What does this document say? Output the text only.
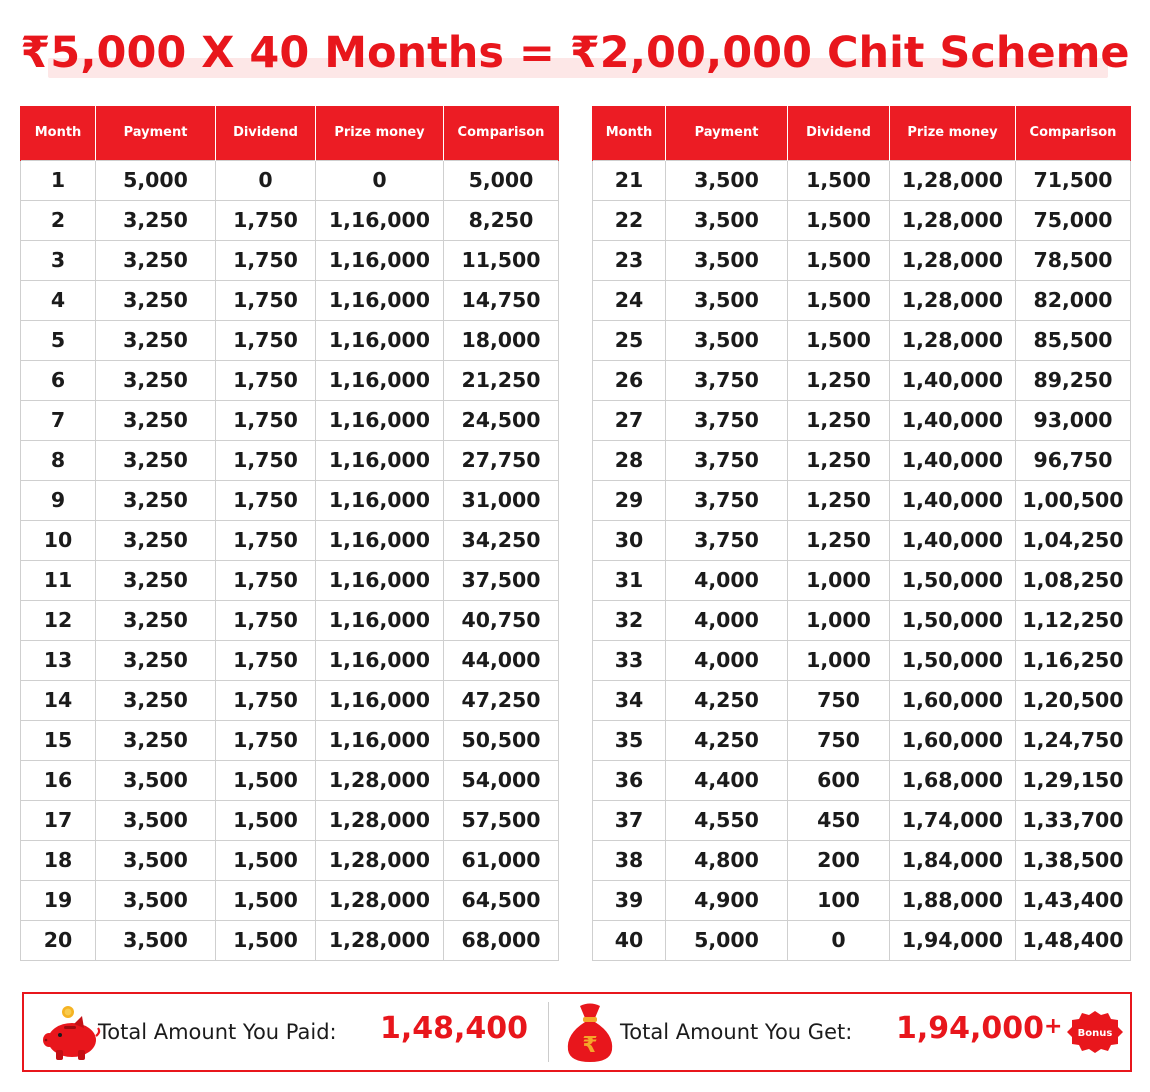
₹5,000 X 40 Months = ₹2,00,000 Chit Scheme
Month	Payment	Dividend	Prize money	Comparison
1	5,000	0	0	5,000
2	3,250	1,750	1,16,000	8,250
3	3,250	1,750	1,16,000	11,500
4	3,250	1,750	1,16,000	14,750
5	3,250	1,750	1,16,000	18,000
6	3,250	1,750	1,16,000	21,250
7	3,250	1,750	1,16,000	24,500
8	3,250	1,750	1,16,000	27,750
9	3,250	1,750	1,16,000	31,000
10	3,250	1,750	1,16,000	34,250
11	3,250	1,750	1,16,000	37,500
12	3,250	1,750	1,16,000	40,750
13	3,250	1,750	1,16,000	44,000
14	3,250	1,750	1,16,000	47,250
15	3,250	1,750	1,16,000	50,500
16	3,500	1,500	1,28,000	54,000
17	3,500	1,500	1,28,000	57,500
18	3,500	1,500	1,28,000	61,000
19	3,500	1,500	1,28,000	64,500
20	3,500	1,500	1,28,000	68,000
Month	Payment	Dividend	Prize money	Comparison
21	3,500	1,500	1,28,000	71,500
22	3,500	1,500	1,28,000	75,000
23	3,500	1,500	1,28,000	78,500
24	3,500	1,500	1,28,000	82,000
25	3,500	1,500	1,28,000	85,500
26	3,750	1,250	1,40,000	89,250
27	3,750	1,250	1,40,000	93,000
28	3,750	1,250	1,40,000	96,750
29	3,750	1,250	1,40,000	1,00,500
30	3,750	1,250	1,40,000	1,04,250
31	4,000	1,000	1,50,000	1,08,250
32	4,000	1,000	1,50,000	1,12,250
33	4,000	1,000	1,50,000	1,16,250
34	4,250	750	1,60,000	1,20,500
35	4,250	750	1,60,000	1,24,750
36	4,400	600	1,68,000	1,29,150
37	4,550	450	1,74,000	1,33,700
38	4,800	200	1,84,000	1,38,500
39	4,900	100	1,88,000	1,43,400
40	5,000	0	1,94,000	1,48,400
Total Amount You Paid: 1,48,400 ₹
Total Amount You Get: 1,94,000 + Bonus
